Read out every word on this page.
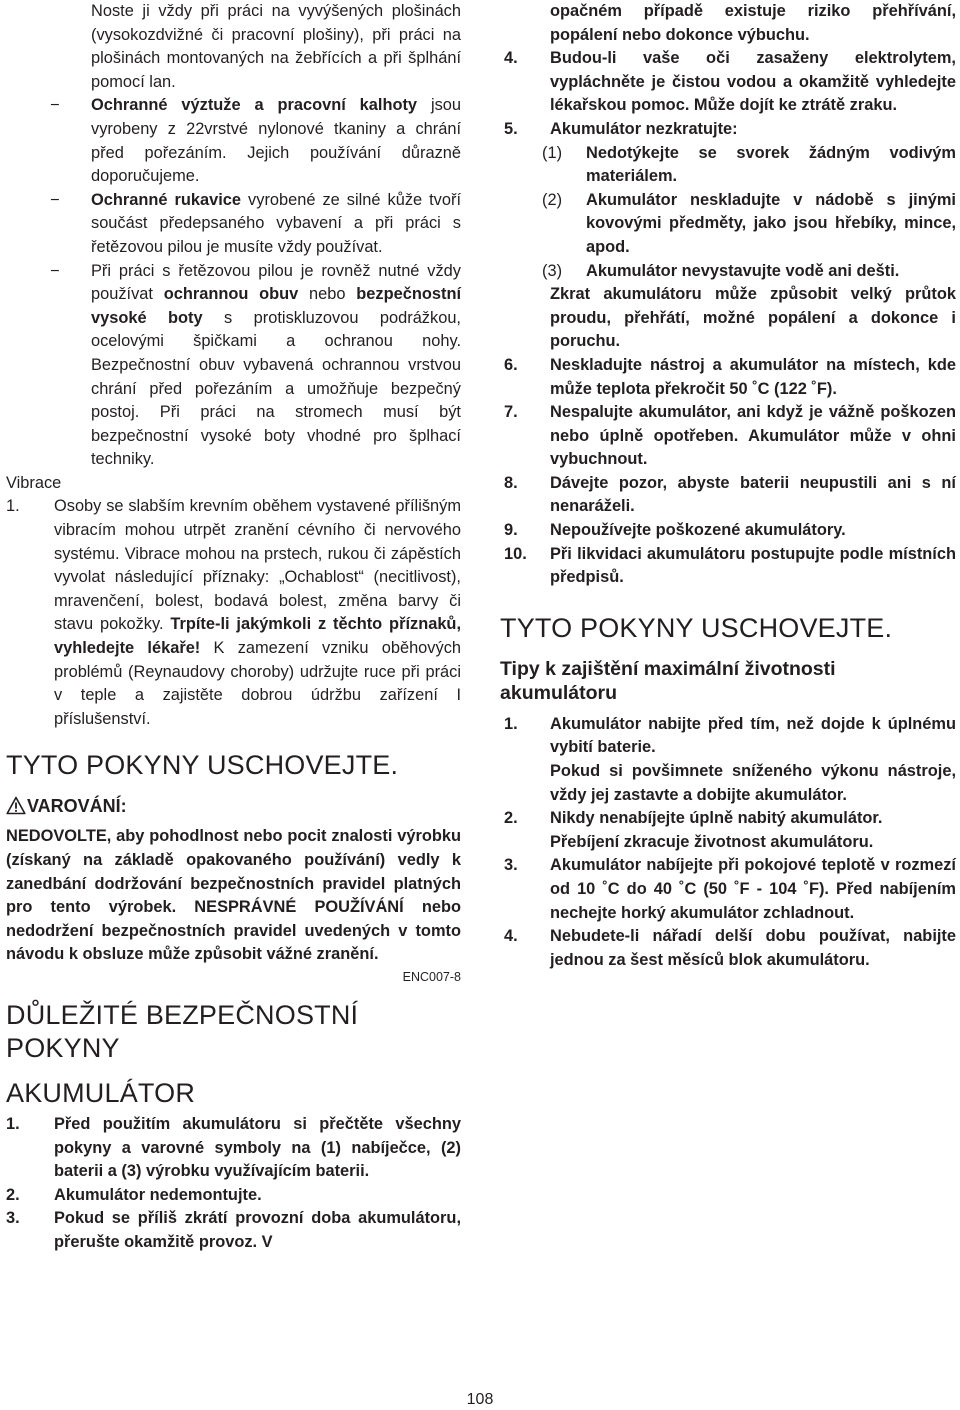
Noste ji vždy při práci na vyvýšených plošinách (vysokozdvižné či pracovní plošiny), při práci na plošinách montovaných na žebřících a při šplhání pomocí lan.
− Ochranné výztuže a pracovní kalhoty jsou vyrobeny z 22vrstvé nylonové tkaniny a chrání před pořezáním. Jejich používání důrazně doporučujeme.
− Ochranné rukavice vyrobené ze silné kůže tvoří součást předepsaného vybavení a při práci s řetězovou pilou je musíte vždy používat.
− Při práci s řetězovou pilou je rovněž nutné vždy používat ochrannou obuv nebo bezpečnostní vysoké boty s protiskluzovou podrážkou, ocelovými špičkami a ochranou nohy. Bezpečnostní obuv vybavená ochrannou vrstvou chrání před pořezáním a umožňuje bezpečný postoj. Při práci na stromech musí být bezpečnostní vysoké boty vhodné pro šplhací techniky.
Vibrace
1. Osoby se slabším krevním oběhem vystavené přílišným vibracím mohou utrpět zranění cévního či nervového systému. Vibrace mohou na prstech, rukou či zápěstích vyvolat následující příznaky: „Ochablost“ (necitlivost), mravenčení, bolest, bodavá bolest, změna barvy či stavu pokožky. Trpíte-li jakýmkoli z těchto příznaků, vyhledejte lékaře! K zamezení vzniku oběhových problémů (Reynaudovy choroby) udržujte ruce při práci v teple a zajistěte dobrou údržbu zařízení I příslušenství.
TYTO POKYNY USCHOVEJTE.
VAROVÁNÍ:
NEDOVOLTE, aby pohodlnost nebo pocit znalosti výrobku (získaný na základě opakovaného používání) vedly k zanedbání dodržování bezpečnostních pravidel platných pro tento výrobek. NESPRÁVNÉ POUŽÍVÁNÍ nebo nedodržení bezpečnostních pravidel uvedených v tomto návodu k obsluze může způsobit vážné zranění.
ENC007-8
DŮLEŽITÉ BEZPEČNOSTNÍ POKYNY
AKUMULÁTOR
1. Před použitím akumulátoru si přečtěte všechny pokyny a varovné symboly na (1) nabíječce, (2) baterii a (3) výrobku využívajícím baterii.
2. Akumulátor nedemontujte.
3. Pokud se příliš zkrátí provozní doba akumulátoru, přerušte okamžitě provoz. V
opačném případě existuje riziko přehřívání, popálení nebo dokonce výbuchu.
4.	Budou-li vaše oči zasaženy elektrolytem, vypláchněte je čistou vodou a okamžitě vyhledejte lékařskou pomoc. Může dojít ke ztrátě zraku.
5.	Akumulátor nezkratujte:
(1) Nedotýkejte se svorek žádným vodivým materiálem.
(2) Akumulátor neskladujte v nádobě s jinými kovovými předměty, jako jsou hřebíky, mince, apod.
(3) Akumulátor nevystavujte vodě ani dešti.
Zkrat akumulátoru může způsobit velký průtok proudu, přehřátí, možné popálení a dokonce i poruchu.
6.	Neskladujte nástroj a akumulátor na místech, kde může teplota překročit 50 ˚C (122 ˚F).
7.	Nespalujte akumulátor, ani když je vážně poškozen nebo úplně opotřeben. Akumulátor může v ohni vybuchnout.
8.	Dávejte pozor, abyste baterii neupustili ani s ní nenaráželi.
9.	Nepoužívejte poškozené akumulátory.
10.	Při likvidaci akumulátoru postupujte podle místních předpisů.
TYTO POKYNY USCHOVEJTE.
Tipy k zajištění maximální životnosti akumulátoru
1.	Akumulátor nabijte před tím, než dojde k úplnému vybití baterie.
Pokud si povšimnete sníženého výkonu nástroje, vždy jej zastavte a dobijte akumulátor.
2.	Nikdy nenabíjejte úplně nabitý akumulátor.
Přebíjení zkracuje životnost akumulátoru.
3.	Akumulátor nabíjejte při pokojové teplotě v rozmezí od 10 ˚C do 40 ˚C (50 ˚F - 104 ˚F). Před nabíjením nechejte horký akumulátor zchladnout.
4.	Nebudete-li nářadí delší dobu používat, nabijte jednou za šest měsíců blok akumulátoru.
108
